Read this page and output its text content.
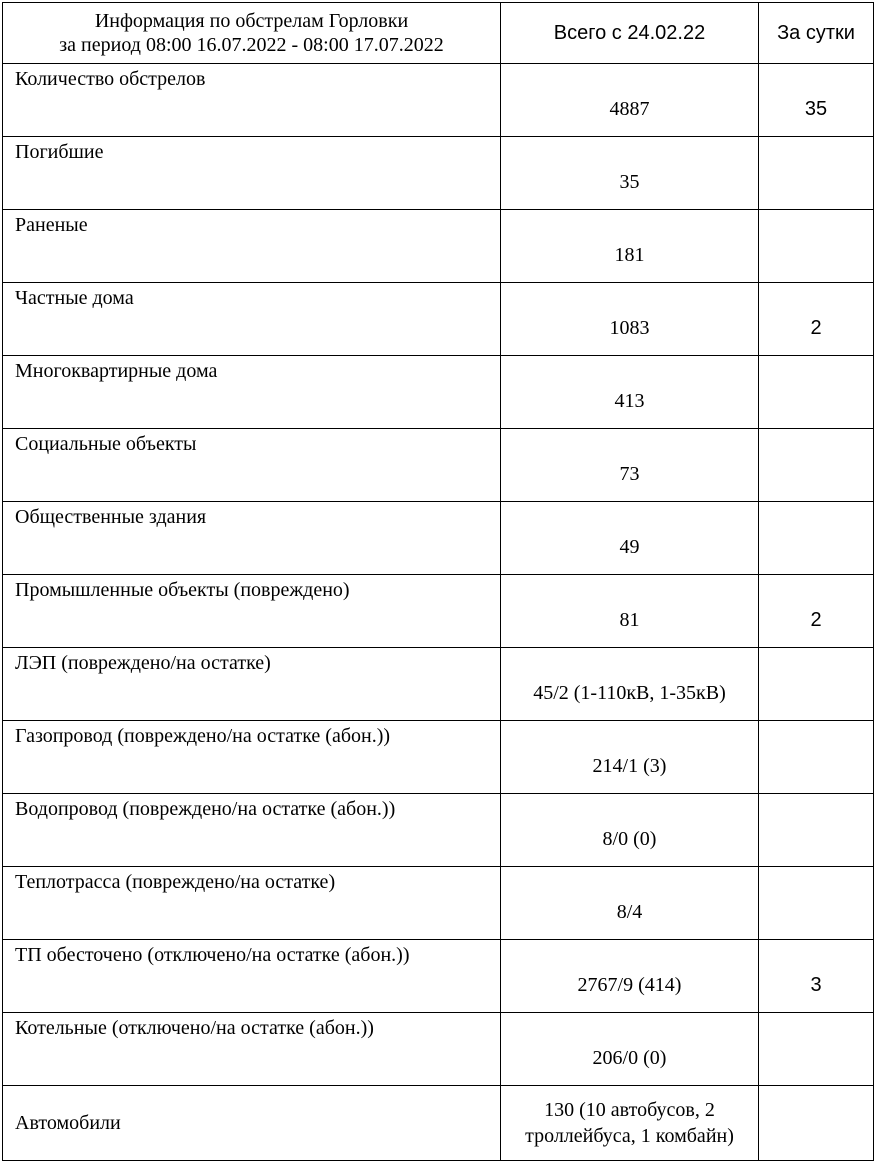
Информация по обстрелам Горловки
за период 08:00 16.07.2022 - 08:00 17.07.2022	Всего с 24.02.22	За сутки
Количество обстрелов	4887	35
Погибшие	35	
Раненые	181	
Частные дома	1083	2
Многоквартирные дома	413	
Социальные объекты	73	
Общественные здания	49	
Промышленные объекты (повреждено)	81	2
ЛЭП (повреждено/на остатке)	45/2 (1-110кВ, 1-35кВ)	
Газопровод (повреждено/на остатке (абон.))	214/1 (3)	
Водопровод (повреждено/на остатке (абон.))	8/0 (0)	
Теплотрасса (повреждено/на остатке)	8/4	
ТП обесточено (отключено/на остатке (абон.))	2767/9 (414)	3
Котельные (отключено/на остатке (абон.))	206/0 (0)	
Автомобили	130 (10 автобусов, 2
троллейбуса, 1 комбайн)	
